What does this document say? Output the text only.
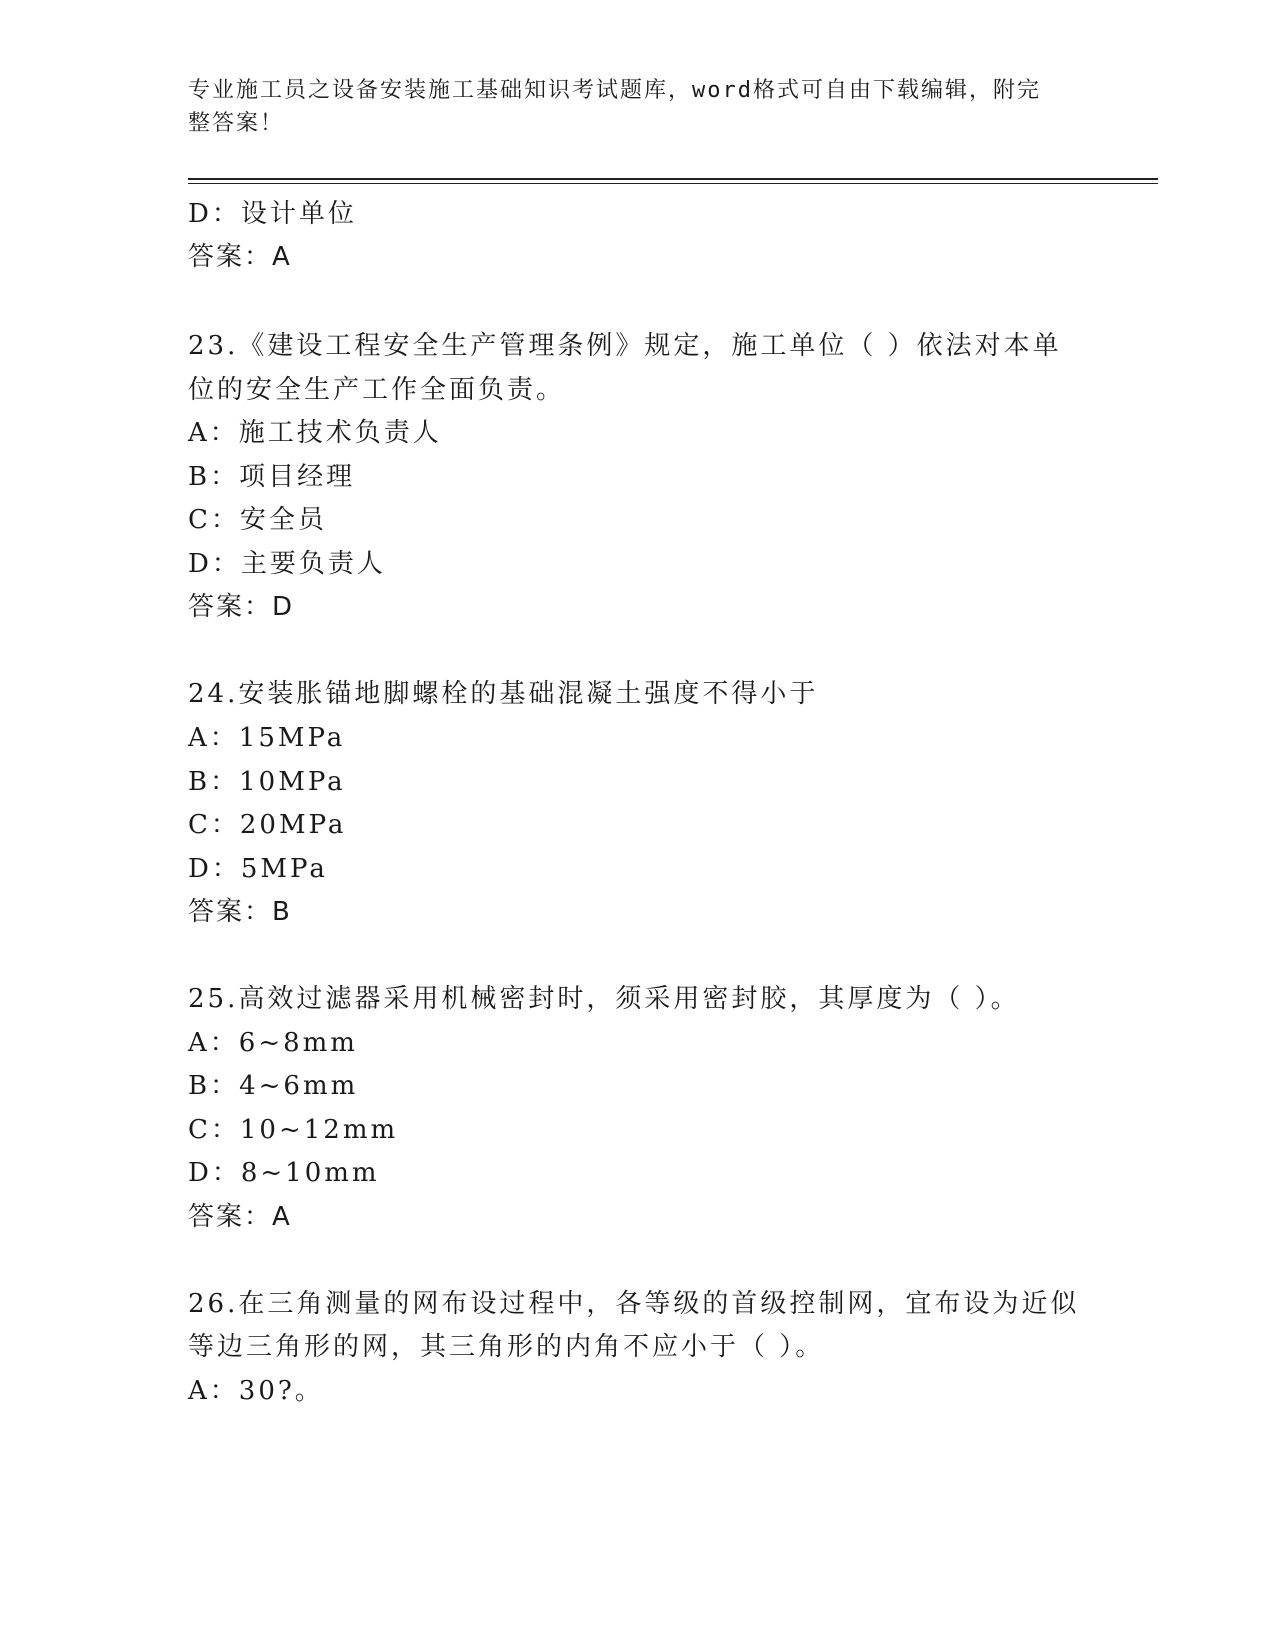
专业施工员之设备安装施工基础知识考试题库，word格式可自由下载编辑，附完
整答案！
D：设计单位
答案：A
23.《建设工程安全生产管理条例》规定，施工单位（ ）依法对本单
位的安全生产工作全面负责。
A：施工技术负责人
B：项目经理
C：安全员
D：主要负责人
答案：D
24.安装胀锚地脚螺栓的基础混凝土强度不得小于
A：15MPa
B：10MPa
C：20MPa
D：5MPa
答案：B
25.高效过滤器采用机械密封时，须采用密封胶，其厚度为（ ）。
A：6~8mm
B：4~6mm
C：10~12mm
D：8~10mm
答案：A
26.在三角测量的网布设过程中，各等级的首级控制网，宜布设为近似
等边三角形的网，其三角形的内角不应小于（ ）。
A：30?。
